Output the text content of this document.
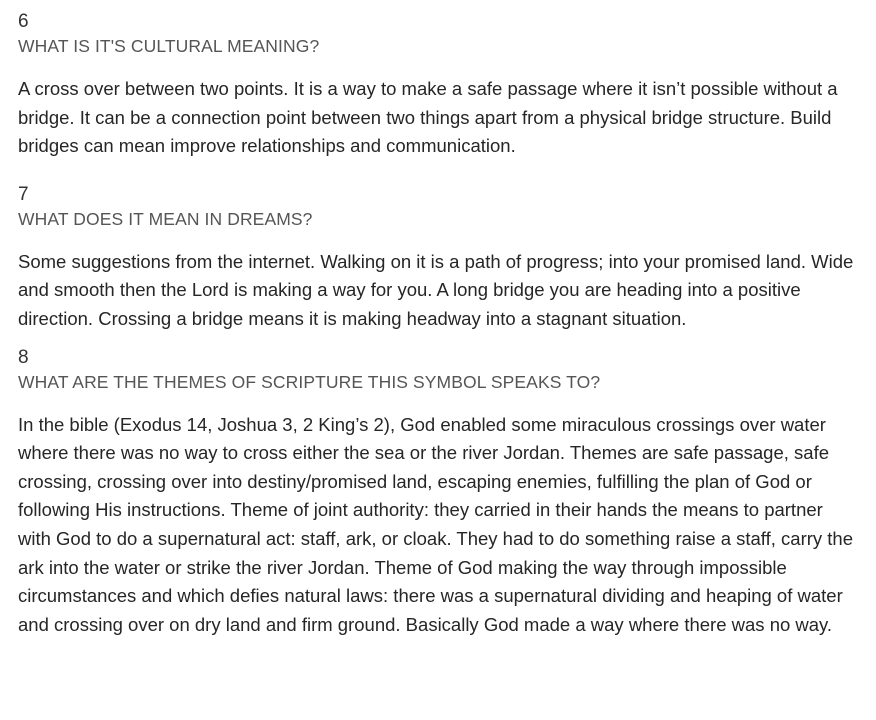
6

WHAT IS IT'S CULTURAL MEANING?

A cross over between two points. It is a way to make a safe passage where it isn’t possible without a bridge. It can be a connection point between two things apart from a physical bridge structure. Build bridges can mean improve relationships and communication.

7

WHAT DOES IT MEAN IN DREAMS?

Some suggestions from the internet. Walking on it is a path of progress; into your promised land. Wide and smooth then the Lord is making a way for you. A long bridge you are heading into a positive direction. Crossing a bridge means it is making headway into a stagnant situation.

8

WHAT ARE THE THEMES OF SCRIPTURE THIS SYMBOL SPEAKS TO?

In the bible (Exodus 14, Joshua 3, 2 King’s 2), God enabled some miraculous crossings over water where there was no way to cross either the sea or the river Jordan. Themes are safe passage, safe crossing, crossing over into destiny/promised land, escaping enemies, fulfilling the plan of God or following His instructions. Theme of joint authority: they carried in their hands the means to partner with God to do a supernatural act: staff, ark, or cloak. They had to do something raise a staff, carry the ark into the water or strike the river Jordan. Theme of God making the way through impossible circumstances and which defies natural laws: there was a supernatural dividing and heaping of water and crossing over on dry land and firm ground. Basically God made a way where there was no way.
